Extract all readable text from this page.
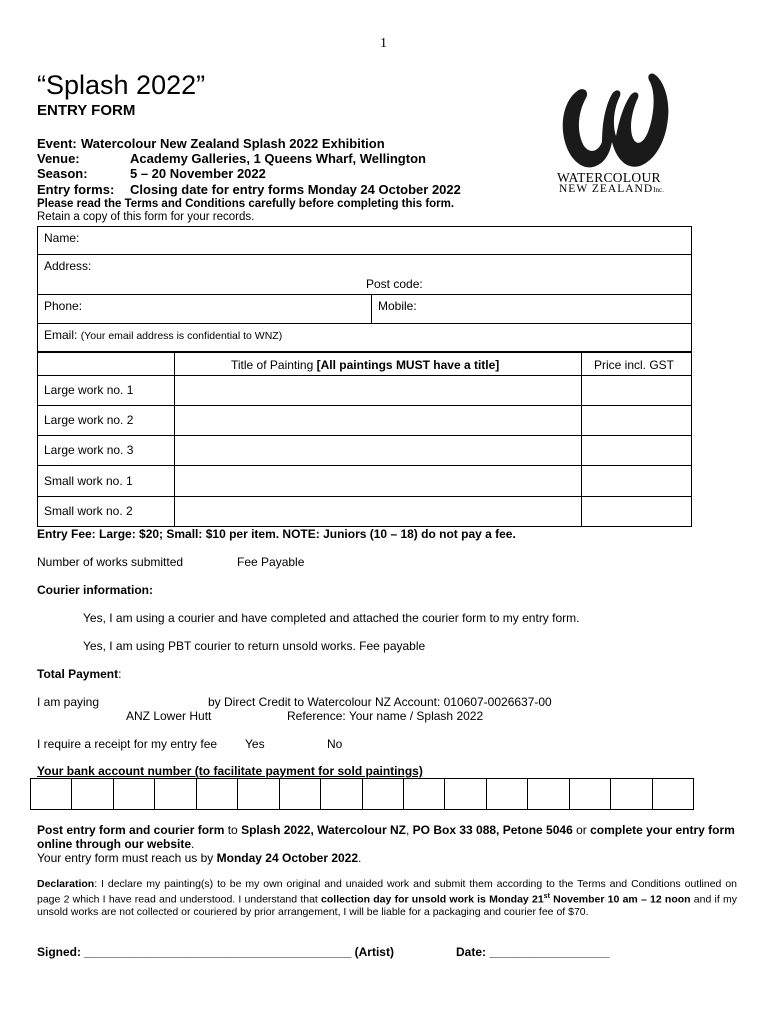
1
“Splash 2022”
ENTRY FORM
Event: Watercolour New Zealand Splash 2022 Exhibition
Venue:	Academy Galleries, 1 Queens Wharf, Wellington
Season:	5 – 20 November 2022
Entry forms: Closing date for entry forms Monday 24 October 2022
Please read the Terms and Conditions carefully before completing this form.
Retain a copy of this form for your records.
WATERCOLOUR
NEW ZEALANDInc.
Name:
Address:
Post code:
Phone:	Mobile:
Email: (Your email address is confidential to WNZ)
Title of Painting [All paintings MUST have a title]	Price incl. GST
Large work no. 1
Large work no. 2
Large work no. 3
Small work no. 1
Small work no. 2
Entry Fee: Large: $20; Small: $10 per item. NOTE: Juniors (10 – 18) do not pay a fee.
Number of works submitted	Fee Payable
Courier information:
Yes, I am using a courier and have completed and attached the courier form to my entry form.
Yes, I am using PBT courier to return unsold works. Fee payable
Total Payment:
I am paying	by Direct Credit to Watercolour NZ Account: 010607-0026637-00
ANZ Lower Hutt	Reference: Your name / Splash 2022
I require a receipt for my entry fee Yes	No
Your bank account number (to facilitate payment for sold paintings)
Post entry form and courier form to Splash 2022, Watercolour NZ, PO Box 33 088, Petone 5046 or complete your entry form online through our website.
Your entry form must reach us by Monday 24 October 2022.
Declaration: I declare my painting(s) to be my own original and unaided work and submit them according to the Terms and Conditions outlined on page 2 which I have read and understood. I understand that collection day for unsold work is Monday 21st November 10 am – 12 noon and if my unsold works are not collected or couriered by prior arrangement, I will be liable for a packaging and courier fee of $70.
Signed: ________________________________________ (Artist)	Date: __________________
